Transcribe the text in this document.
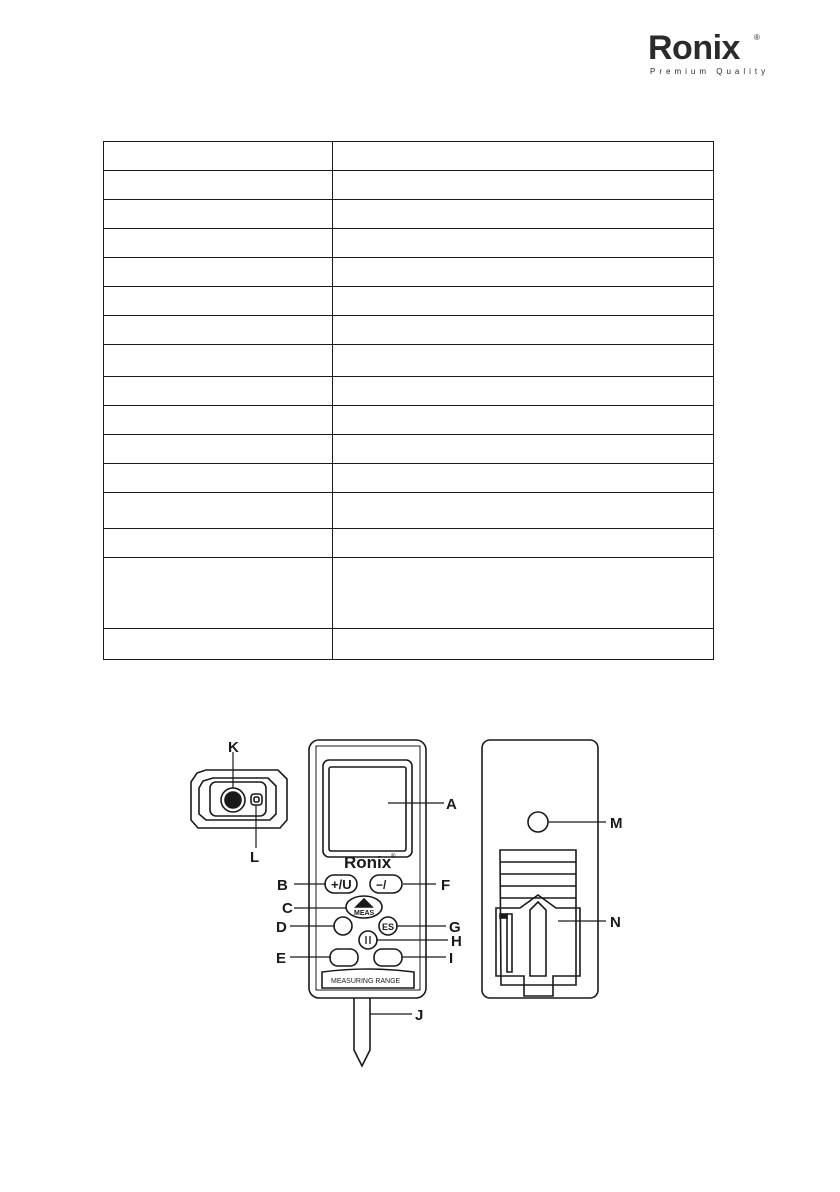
Ronix ®
Premium Quality

Ronix ®
+/U −/
MEAS
ES
MEASURING RANGE
K
L
A
B	F
C
D	G
H
E	I
J
M
N
